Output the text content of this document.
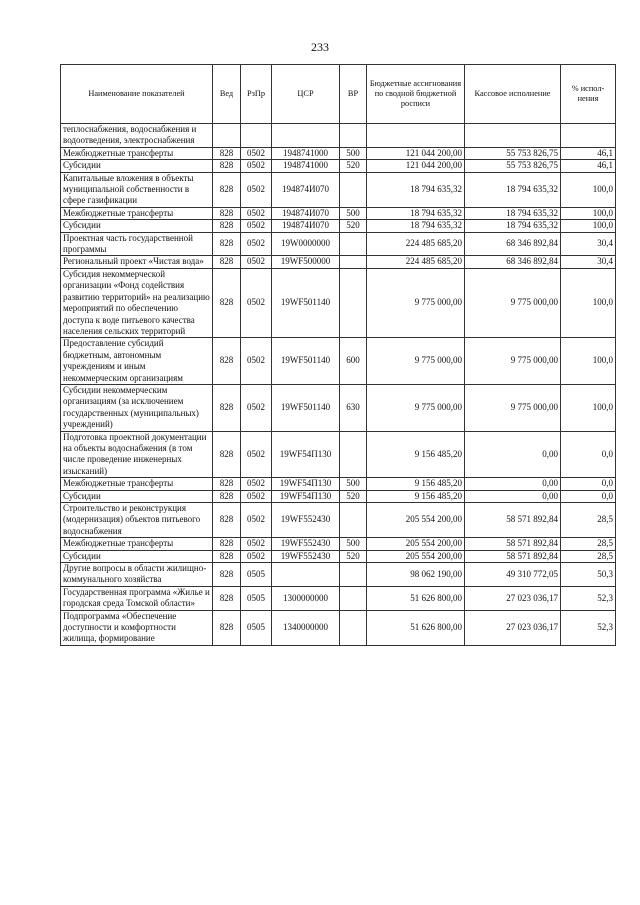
233
Наименование показателей	Вед	РзПр	ЦСР	ВР	Бюджетные ассигнования по сводной бюджетной росписи	Кассовое исполнение	% испол-нения
теплоснабжения, водоснабжения и водоотведения, электроснабжения							
Межбюджетные трансферты	828	0502	1948741000	500	121 044 200,00	55 753 826,75	46,1
Субсидии	828	0502	1948741000	520	121 044 200,00	55 753 826,75	46,1
Капитальные вложения в объекты муниципальной собственности в сфере газификации	828	0502	194874И070		18 794 635,32	18 794 635,32	100,0
Межбюджетные трансферты	828	0502	194874И070	500	18 794 635,32	18 794 635,32	100,0
Субсидии	828	0502	194874И070	520	18 794 635,32	18 794 635,32	100,0
Проектная часть государственной программы	828	0502	19W0000000		224 485 685,20	68 346 892,84	30,4
Региональный проект «Чистая вода»	828	0502	19WF500000		224 485 685,20	68 346 892,84	30,4
Субсидия некоммерческой организации «Фонд содействия развитию территорий» на реализацию мероприятий по обеспечению доступа к воде питьевого качества населения сельских территорий	828	0502	19WF501140		9 775 000,00	9 775 000,00	100,0
Предоставление субсидий бюджетным, автономным учреждениям и иным некоммерческим организациям	828	0502	19WF501140	600	9 775 000,00	9 775 000,00	100,0
Субсидии некоммерческим организациям (за исключением государственных (муниципальных) учреждений)	828	0502	19WF501140	630	9 775 000,00	9 775 000,00	100,0
Подготовка проектной документации на объекты водоснабжения (в том числе проведение инженерных изысканий)	828	0502	19WF54П130		9 156 485,20	0,00	0,0
Межбюджетные трансферты	828	0502	19WF54П130	500	9 156 485,20	0,00	0,0
Субсидии	828	0502	19WF54П130	520	9 156 485,20	0,00	0,0
Строительство и реконструкция (модернизация) объектов питьевого водоснабжения	828	0502	19WF552430		205 554 200,00	58 571 892,84	28,5
Межбюджетные трансферты	828	0502	19WF552430	500	205 554 200,00	58 571 892,84	28,5
Субсидии	828	0502	19WF552430	520	205 554 200,00	58 571 892,84	28,5
Другие вопросы в области жилищно-коммунального хозяйства	828	0505			98 062 190,00	49 310 772,05	50,3
Государственная программа «Жилье и городская среда Томской области»	828	0505	1300000000		51 626 800,00	27 023 036,17	52,3
Подпрограмма «Обеспечение доступности и комфортности жилища, формирование	828	0505	1340000000		51 626 800,00	27 023 036,17	52,3
